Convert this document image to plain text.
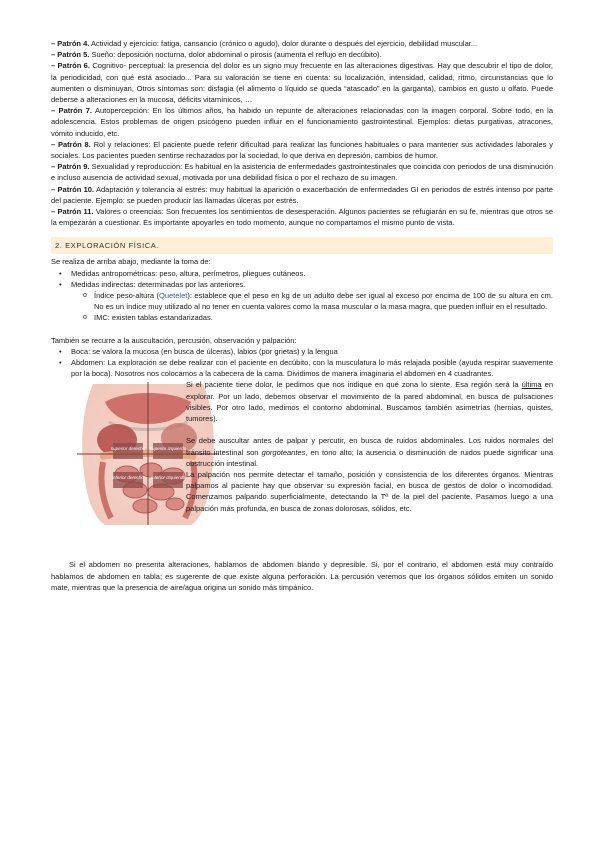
– Patrón 4. Actividad y ejercicio: fatiga, cansancio (crónico o agudo), dolor durante o después del ejercicio, debilidad muscular...

– Patrón 5. Sueño: deposición nocturna, dolor abdominal o pirosis (aumenta el reflujo en decúbito).

– Patrón 6. Cognitivo- perceptual: la presencia del dolor es un signo muy frecuente en las alteraciones digestivas. Hay que descubrir el tipo de dolor, la periodicidad, con qué está asociado... Para su valoración se tiene en cuenta: su localización, intensidad, calidad, ritmo, circunstancias que lo aumenten o disminuyan, Otros síntomas son: disfagia (el alimento o líquido se queda “atascado” en la garganta), cambios en gusto u olfato. Puede deberse a alteraciones en la mucosa, déficits vitamínicos, …

– Patrón 7. Autopercepción: En los últimos años, ha habido un repunte de alteraciones relacionadas con la imagen corporal. Sobre todo, en la adolescencia. Estos problemas de origen psicógeno pueden influir en el funcionamiento gastrointestinal. Ejemplos: dietas purgativas, atracones, vómito inducido, etc.

– Patrón 8. Rol y relaciones: El paciente puede referir dificultad para realizar las funciones habituales o para mantener sus actividades laborales y sociales. Los pacientes pueden sentirse rechazados por la sociedad, lo que deriva en depresión, cambios de humor.

– Patrón 9. Sexualidad y reproducción: Es habitual en la asistencia de enfermedades gastrointestinales que coincida con periodos de una disminución e incluso ausencia de actividad sexual, motivada por una debilidad física o por el rechazo de su imagen.

– Patrón 10. Adaptación y tolerancia al estrés: muy habitual la aparición o exacerbación de enfermedades GI en periodos de estrés intenso por parte del paciente. Ejemplo: se pueden producir las llamadas úlceras por estrés.

– Patrón 11. Valores o creencias: Son frecuentes los sentimientos de desesperación. Algunos pacientes se refugiarán en su fe, mientras que otros se la empezarán a cuestionar. Es importante apoyarles en todo momento, aunque no compartamos el mismo punto de vista.

2. EXPLORACIÓN FÍSICA.

Se realiza de arriba abajo, mediante la toma de:

• Medidas antropométricas: peso, altura, perímetros, pliegues cutáneos.
• Medidas indirectas: determinadas por las anteriores.
o Índice peso-altura (Quetelet): establece que el peso en kg de un adulto debe ser igual al exceso por encima de 100 de su altura en cm. No es un índice muy utilizado al no tener en cuenta valores como la masa muscular o la masa magra, que pueden influir en el resultado.
o IMC: existen tablas estandarizadas.

También se recurre a la auscultación, percusión, observación y palpación:

• Boca: se valora la mucosa (en busca de úlceras), labios (por grietas) y la lengua
• Abdomen: La exploración se debe realizar con el paciente en decúbito, con la musculatura lo más relajada posible (ayuda respirar suavemente por la boca). Nosotros nos colocamos a la cabecera de la cama. Dividimos de manera imaginaria el abdomen en 4 cuadrantes.
superior derecho superior izquierdo
inferior derecho inferior izquierdo

Si el paciente tiene dolor, le pedimos que nos indique en qué zona lo siente. Esa región será la última en explorar. Por un lado, debemos observar el movimiento de la pared abdominal, en busca de pulsaciones visibles. Por otro lado, medimos el contorno abdominal. Buscamos también asimetrías (hernias, quistes, tumores).

Se debe auscultar antes de palpar y percutir, en busca de ruidos abdominales. Los ruidos normales del tránsito intestinal son gorgoteantes, en tono alto; la ausencia o disminución de ruidos puede significar una obstrucción intestinal.

La palpación nos permite detectar el tamaño, posición y consistencia de los diferentes órganos. Mientras palpamos al paciente hay que observar su expresión facial, en busca de gestos de dolor o incomodidad. Comenzamos palpando superficialmente, detectando la Tª de la piel del paciente. Pasamos luego a una palpación más profunda, en busca de zonas dolorosas, sólidos, etc.

Si el abdomen no presenta alteraciones, hablamos de abdomen blando y depresible. Si, por el contrario, el abdomen está muy contraído hablamos de abdomen en tabla; es sugerente de que existe alguna perforación. La percusión veremos que los órganos sólidos emiten un sonido mate, mientras que la presencia de aire/agua origina un sonido más timpánico.
